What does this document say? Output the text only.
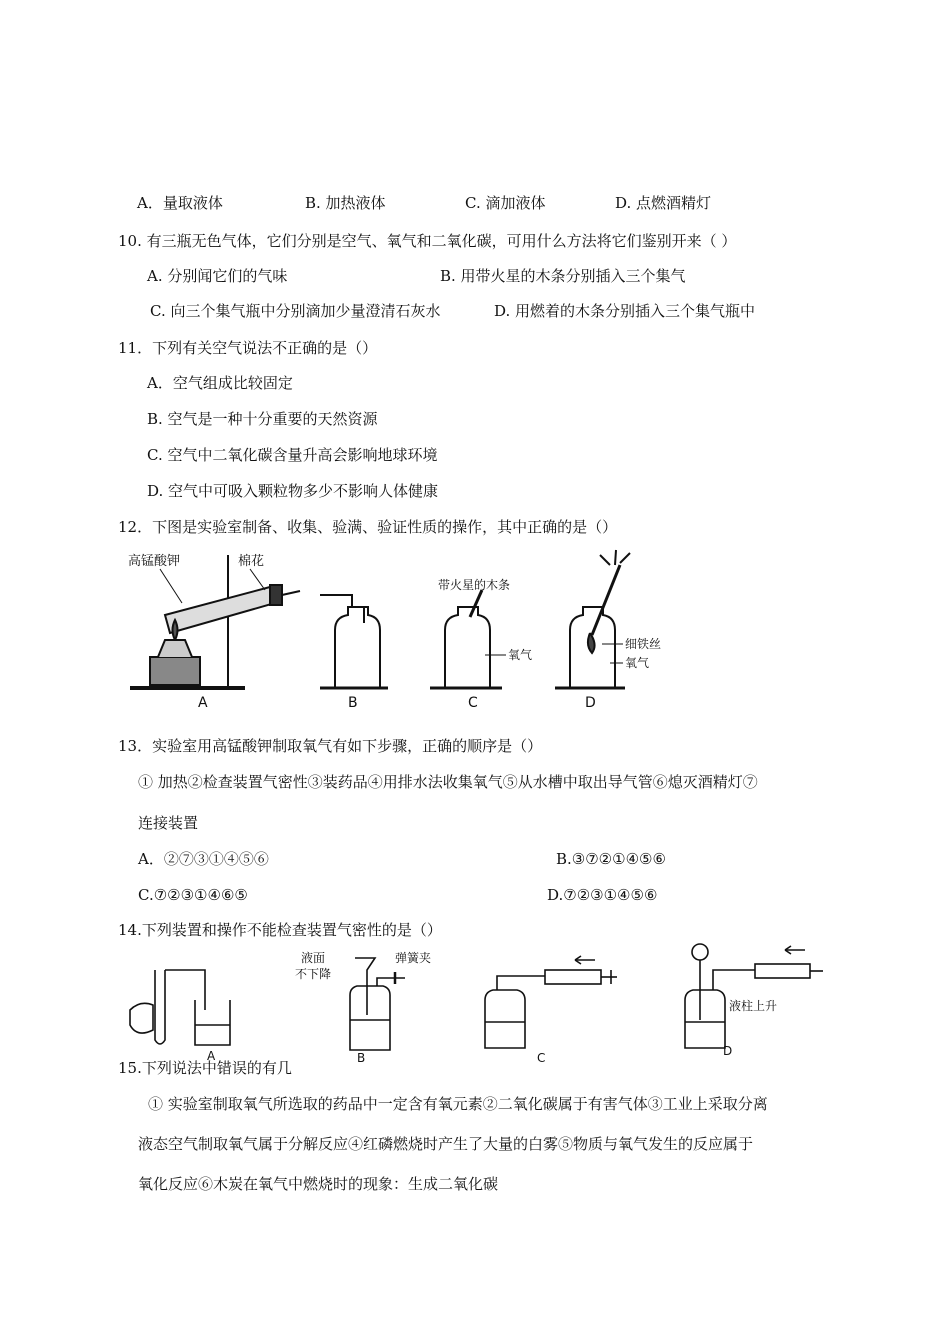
A．量取液体	B. 加热液体	C. 滴加液体	D. 点燃酒精灯
10. 有三瓶无色气体，它们分别是空气、氧气和二氧化碳，可用什么方法将它们鉴别开来（ ）
A. 分别闻它们的气味	B. 用带火星的木条分别插入三个集气
C. 向三个集气瓶中分别滴加少量澄清石灰水	D. 用燃着的木条分别插入三个集气瓶中
11．下列有关空气说法不正确的是（）
A．空气组成比较固定
B. 空气是一种十分重要的天然资源
C. 空气中二氧化碳含量升高会影响地球环境
D. 空气中可吸入颗粒物多少不影响人体健康
12．下图是实验室制备、收集、验满、验证性质的操作，其中正确的是（）
高锰酸钾	棉花
A	B
带火星的木条
氧气
C
细铁丝
氧气
D
13．实验室用高锰酸钾制取氧气有如下步骤，正确的顺序是（）
① 加热②检查装置气密性③装药品④用排水法收集氧气⑤从水槽中取出导气管⑥熄灭酒精灯⑦
连接装置
A．②⑦③①④⑤⑥	B.③⑦②①④⑤⑥
C.⑦②③①④⑥⑤	D.⑦②③①④⑤⑥
14.下列装置和操作不能检查装置气密性的是（）
A
液面
不下降
弹簧夹
B	C
液柱上升
D
15.下列说法中错误的有几
① 实验室制取氧气所选取的药品中一定含有氧元素②二氧化碳属于有害气体③工业上采取分离
液态空气制取氧气属于分解反应④红磷燃烧时产生了大量的白雾⑤物质与氧气发生的反应属于
氧化反应⑥木炭在氧气中燃烧时的现象：生成二氧化碳
